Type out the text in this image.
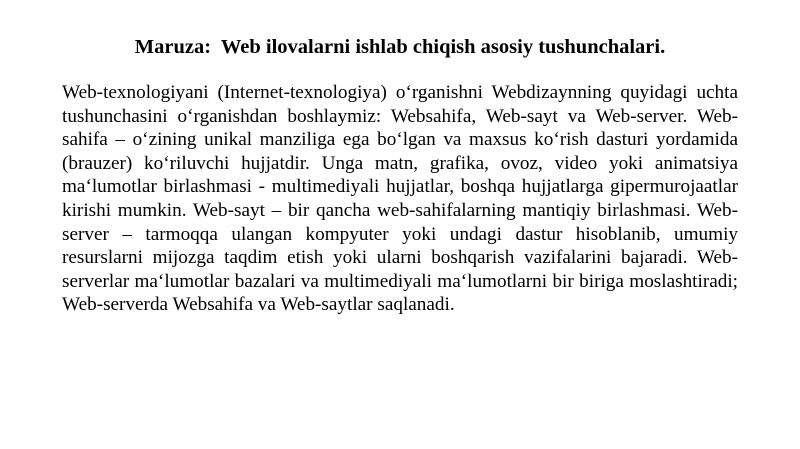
Maruza:  Web ilovalarni ishlab chiqish asosiy tushunchalari.

Web-texnologiyani (Internet-texnologiya) o‘rganishni Webdizaynning quyidagi uchta tushunchasini o‘rganishdan boshlaymiz: Websahifa, Web-sayt va Web-server. Web-sahifa – o‘zining unikal manziliga ega bo‘lgan va maxsus ko‘rish dasturi yordamida (brauzer) ko‘riluvchi hujjatdir. Unga matn, grafika, ovoz, video yoki animatsiya ma‘lumotlar birlashmasi - multimediyali hujjatlar, boshqa hujjatlarga gipermurojaatlar kirishi mumkin. Web-sayt – bir qancha web-sahifalarning mantiqiy birlashmasi. Web-server – tarmoqqa ulangan kompyuter yoki undagi dastur hisoblanib, umumiy resurslarni mijozga taqdim etish yoki ularni boshqarish vazifalarini bajaradi. Web-serverlar ma‘lumotlar bazalari va multimediyali ma‘lumotlarni bir biriga moslashtiradi; Web-serverda Websahifa va Web-saytlar saqlanadi.
